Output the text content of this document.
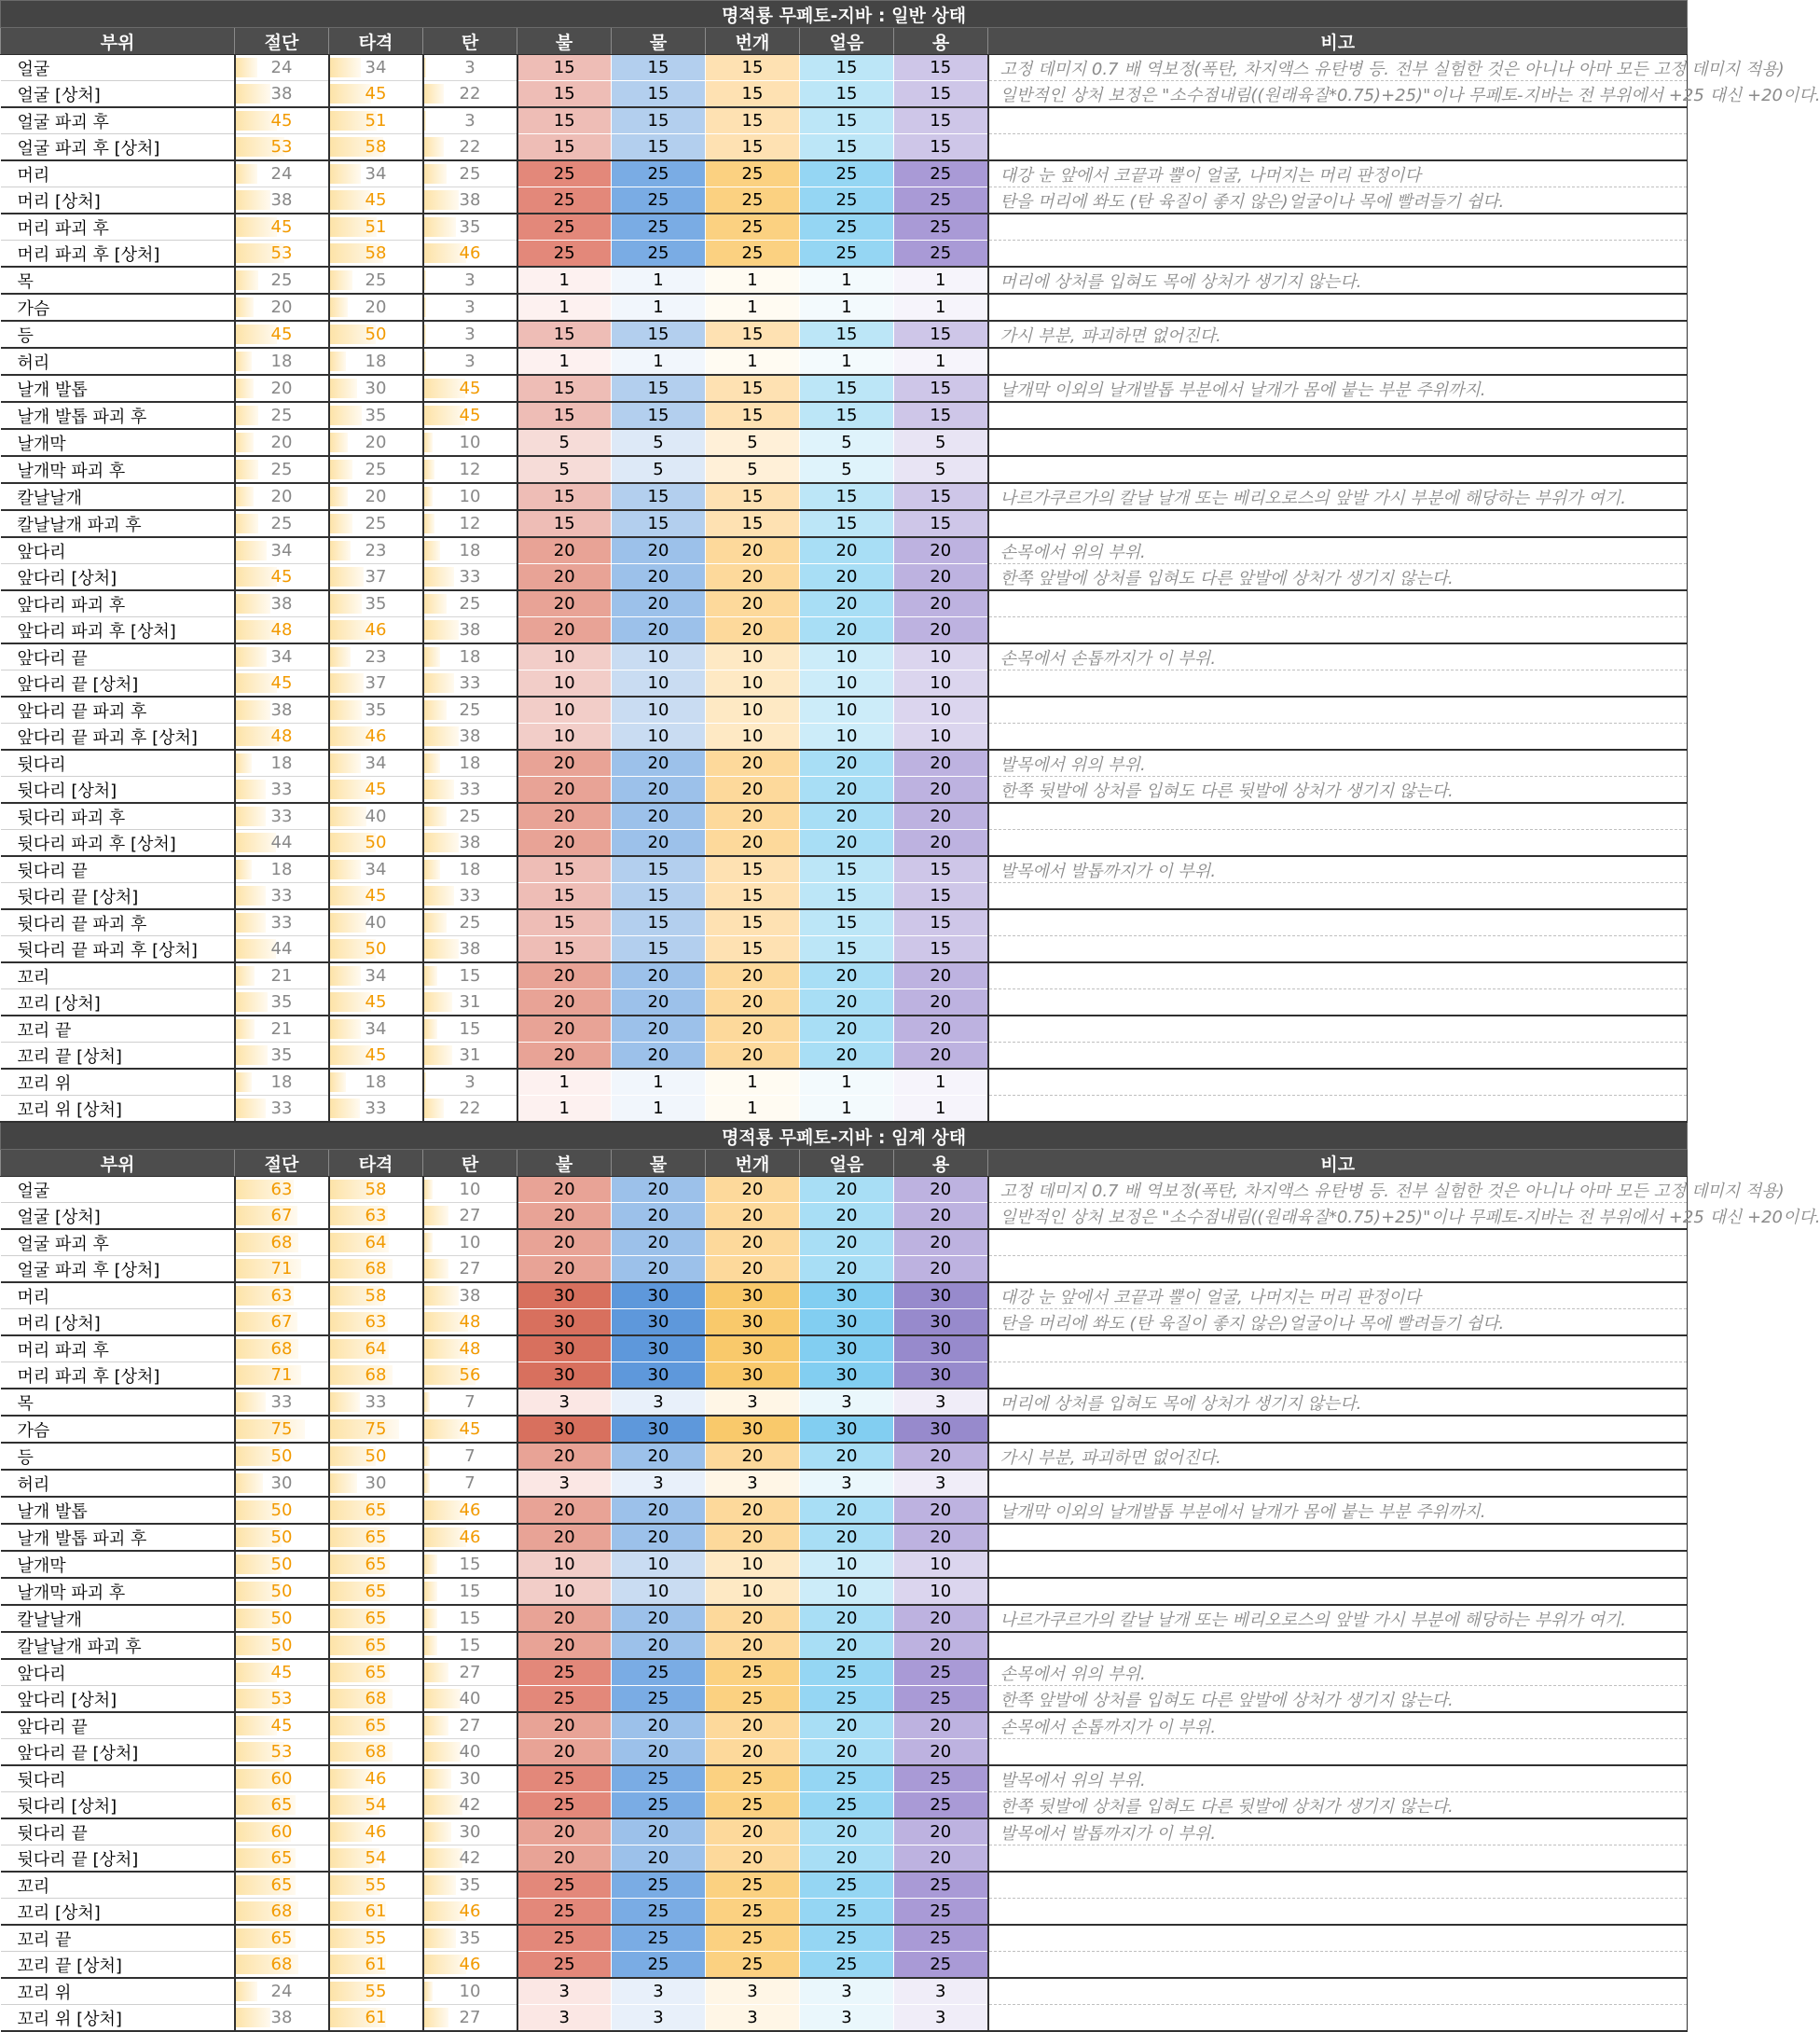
명적룡 무페토-지바 : 일반 상태									
부위	절단	타격	탄	불	물	번개	얼음	용	비고
얼굴	24	34	3	15	15	15	15	15	고정 데미지 0.7 배 역보정(폭탄, 차지액스 유탄병 등. 전부 실험한 것은 아니나 아마 모든 고정 데미지 적용)
얼굴 [상처]	38	45	22	15	15	15	15	15	일반적인 상처 보정은 "소수점내림((원래육질*0.75)+25)"이나 무페토-지바는 전 부위에서 +25 대신 +20이다.
얼굴 파괴 후	45	51	3	15	15	15	15	15	
얼굴 파괴 후 [상처]	53	58	22	15	15	15	15	15	
머리	24	34	25	25	25	25	25	25	대강 눈 앞에서 코끝과 뿔이 얼굴, 나머지는 머리 판정이다
머리 [상처]	38	45	38	25	25	25	25	25	탄을 머리에 쏴도 (탄 육질이 좋지 않은)얼굴이나 목에 빨려들기 쉽다.
머리 파괴 후	45	51	35	25	25	25	25	25	
머리 파괴 후 [상처]	53	58	46	25	25	25	25	25	
목	25	25	3	1	1	1	1	1	머리에 상처를 입혀도 목에 상처가 생기지 않는다.
가슴	20	20	3	1	1	1	1	1	
등	45	50	3	15	15	15	15	15	가시 부분, 파괴하면 없어진다.
허리	18	18	3	1	1	1	1	1	
날개 발톱	20	30	45	15	15	15	15	15	날개막 이외의 날개발톱 부분에서 날개가 몸에 붙는 부분 주위까지.
날개 발톱 파괴 후	25	35	45	15	15	15	15	15	
날개막	20	20	10	5	5	5	5	5	
날개막 파괴 후	25	25	12	5	5	5	5	5	
칼날날개	20	20	10	15	15	15	15	15	나르가쿠르가의 칼날 날개 또는 베리오로스의 앞발 가시 부분에 해당하는 부위가 여기.
칼날날개 파괴 후	25	25	12	15	15	15	15	15	
앞다리	34	23	18	20	20	20	20	20	손목에서 위의 부위.
앞다리 [상처]	45	37	33	20	20	20	20	20	한쪽 앞발에 상처를 입혀도 다른 앞발에 상처가 생기지 않는다.
앞다리 파괴 후	38	35	25	20	20	20	20	20	
앞다리 파괴 후 [상처]	48	46	38	20	20	20	20	20	
앞다리 끝	34	23	18	10	10	10	10	10	손목에서 손톱까지가 이 부위.
앞다리 끝 [상처]	45	37	33	10	10	10	10	10	
앞다리 끝 파괴 후	38	35	25	10	10	10	10	10	
앞다리 끝 파괴 후 [상처]	48	46	38	10	10	10	10	10	
뒷다리	18	34	18	20	20	20	20	20	발목에서 위의 부위.
뒷다리 [상처]	33	45	33	20	20	20	20	20	한쪽 뒷발에 상처를 입혀도 다른 뒷발에 상처가 생기지 않는다.
뒷다리 파괴 후	33	40	25	20	20	20	20	20	
뒷다리 파괴 후 [상처]	44	50	38	20	20	20	20	20	
뒷다리 끝	18	34	18	15	15	15	15	15	발목에서 발톱까지가 이 부위.
뒷다리 끝 [상처]	33	45	33	15	15	15	15	15	
뒷다리 끝 파괴 후	33	40	25	15	15	15	15	15	
뒷다리 끝 파괴 후 [상처]	44	50	38	15	15	15	15	15	
꼬리	21	34	15	20	20	20	20	20	
꼬리 [상처]	35	45	31	20	20	20	20	20	
꼬리 끝	21	34	15	20	20	20	20	20	
꼬리 끝 [상처]	35	45	31	20	20	20	20	20	
꼬리 위	18	18	3	1	1	1	1	1	
꼬리 위 [상처]	33	33	22	1	1	1	1	1	
명적룡 무페토-지바 : 임계 상태									
부위	절단	타격	탄	불	물	번개	얼음	용	비고
얼굴	63	58	10	20	20	20	20	20	고정 데미지 0.7 배 역보정(폭탄, 차지액스 유탄병 등. 전부 실험한 것은 아니나 아마 모든 고정 데미지 적용)
얼굴 [상처]	67	63	27	20	20	20	20	20	일반적인 상처 보정은 "소수점내림((원래육질*0.75)+25)"이나 무페토-지바는 전 부위에서 +25 대신 +20이다.
얼굴 파괴 후	68	64	10	20	20	20	20	20	
얼굴 파괴 후 [상처]	71	68	27	20	20	20	20	20	
머리	63	58	38	30	30	30	30	30	대강 눈 앞에서 코끝과 뿔이 얼굴, 나머지는 머리 판정이다
머리 [상처]	67	63	48	30	30	30	30	30	탄을 머리에 쏴도 (탄 육질이 좋지 않은)얼굴이나 목에 빨려들기 쉽다.
머리 파괴 후	68	64	48	30	30	30	30	30	
머리 파괴 후 [상처]	71	68	56	30	30	30	30	30	
목	33	33	7	3	3	3	3	3	머리에 상처를 입혀도 목에 상처가 생기지 않는다.
가슴	75	75	45	30	30	30	30	30	
등	50	50	7	20	20	20	20	20	가시 부분, 파괴하면 없어진다.
허리	30	30	7	3	3	3	3	3	
날개 발톱	50	65	46	20	20	20	20	20	날개막 이외의 날개발톱 부분에서 날개가 몸에 붙는 부분 주위까지.
날개 발톱 파괴 후	50	65	46	20	20	20	20	20	
날개막	50	65	15	10	10	10	10	10	
날개막 파괴 후	50	65	15	10	10	10	10	10	
칼날날개	50	65	15	20	20	20	20	20	나르가쿠르가의 칼날 날개 또는 베리오로스의 앞발 가시 부분에 해당하는 부위가 여기.
칼날날개 파괴 후	50	65	15	20	20	20	20	20	
앞다리	45	65	27	25	25	25	25	25	손목에서 위의 부위.
앞다리 [상처]	53	68	40	25	25	25	25	25	한쪽 앞발에 상처를 입혀도 다른 앞발에 상처가 생기지 않는다.
앞다리 끝	45	65	27	20	20	20	20	20	손목에서 손톱까지가 이 부위.
앞다리 끝 [상처]	53	68	40	20	20	20	20	20	
뒷다리	60	46	30	25	25	25	25	25	발목에서 위의 부위.
뒷다리 [상처]	65	54	42	25	25	25	25	25	한쪽 뒷발에 상처를 입혀도 다른 뒷발에 상처가 생기지 않는다.
뒷다리 끝	60	46	30	20	20	20	20	20	발목에서 발톱까지가 이 부위.
뒷다리 끝 [상처]	65	54	42	20	20	20	20	20	
꼬리	65	55	35	25	25	25	25	25	
꼬리 [상처]	68	61	46	25	25	25	25	25	
꼬리 끝	65	55	35	25	25	25	25	25	
꼬리 끝 [상처]	68	61	46	25	25	25	25	25	
꼬리 위	24	55	10	3	3	3	3	3	
꼬리 위 [상처]	38	61	27	3	3	3	3	3	
